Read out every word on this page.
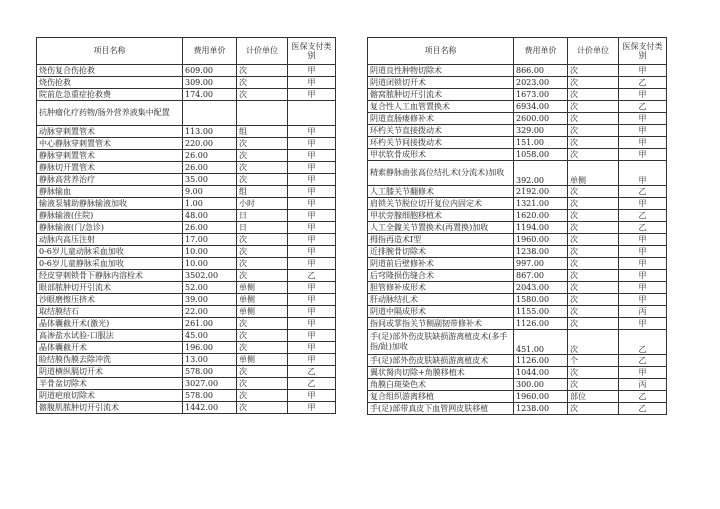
项目名称	费用单价	计价单位	医保支付类别
烧伤复合伤抢救	609.00	次	甲
烧伤抢救	309.00	次	甲
院前危急重症抢救费	174.00	次	甲
抗肿瘤化疗药物/肠外营养液集中配置			
动脉穿刺置管术	113.00	组	甲
中心静脉穿刺置管术	220.00	次	甲
静脉穿刺置管术	26.00	次	甲
静脉切开置管术	26.00	次	甲
静脉高营养治疗	35.00	次	甲
静脉输血	9.00	组	甲
输液泵辅助静脉输液加收	1.00	小时	甲
静脉输液(住院)	48.00	日	甲
静脉输液(门/急诊)	26.00	日	甲
动脉内高压注射	17.00	次	甲
0-6岁儿童动脉采血加收	10.00	次	甲
0-6岁儿童静脉采血加收	10.00	次	甲
经皮穿刺锁骨下静脉内溶栓术	3502.00	次	乙
眼部脓肿切开引流术	52.00	单侧	甲
沙眼磨擦压挤术	39.00	单侧	甲
取结膜结石	22.00	单侧	甲
晶体囊截开术(激光)	261.00	次	甲
高渗盐水试验-口服法	45.00	次	甲
晶体囊截开术	196.00	次	甲
睑结膜伪膜去除冲洗	13.00	单侧	甲
阴道横纵膈切开术	578.00	次	乙
半骨盆切除术	3027.00	次	乙
阴道疤痕切除术	578.00	次	甲
髂腹肌脓肿切开引流术	1442.00	次	甲
项目名称	费用单价	计价单位	医保支付类别
阴道良性肿物切除术	866.00	次	甲
阴道闭锁切开术	2023.00	次	乙
髂窝脓肿切开引流术	1673.00	次	甲
复合性人工血管置换术	6934.00	次	乙
阴道直肠瘘修补术	2600.00	次	甲
环杓关节直接拨动术	329.00	次	甲
环杓关节间接拨动术	151.00	次	甲
甲状软骨成形术	1058.00	次	甲
精索静脉曲张高位结扎术(分流术)加收	392.00	单侧	甲
人工膝关节翻修术	2192.00	次	乙
肩锁关节脱位切开复位内固定术	1321.00	次	甲
甲状旁腺细胞移植术	1620.00	次	乙
人工全髋关节置换术(再置换)加收	1194.00	次	乙
拇指再造术I型	1960.00	次	甲
近排腕骨切除术	1238.00	次	甲
阴道前后壁修补术	997.00	次	甲
后穹隆损伤缝合术	867.00	次	甲
胆管修补成形术	2043.00	次	甲
肝动脉结扎术	1580.00	次	甲
阴道中隔成形术	1155.00	次	丙
指间或掌指关节侧副韧带修补术	1126.00	次	甲
手(足)部外伤皮肤缺损游离植皮术(多手指/趾)加收	451.00	次	乙
手(足)部外伤皮肤缺损游离植皮术	1126.00	个	乙
翼状胬肉切除+角膜移植术	1044.00	次	甲
角膜白斑染色术	300.00	次	丙
复合组织游离移植	1960.00	部位	乙
手(足)部带真皮下血管网皮肤移植	1238.00	次	乙
